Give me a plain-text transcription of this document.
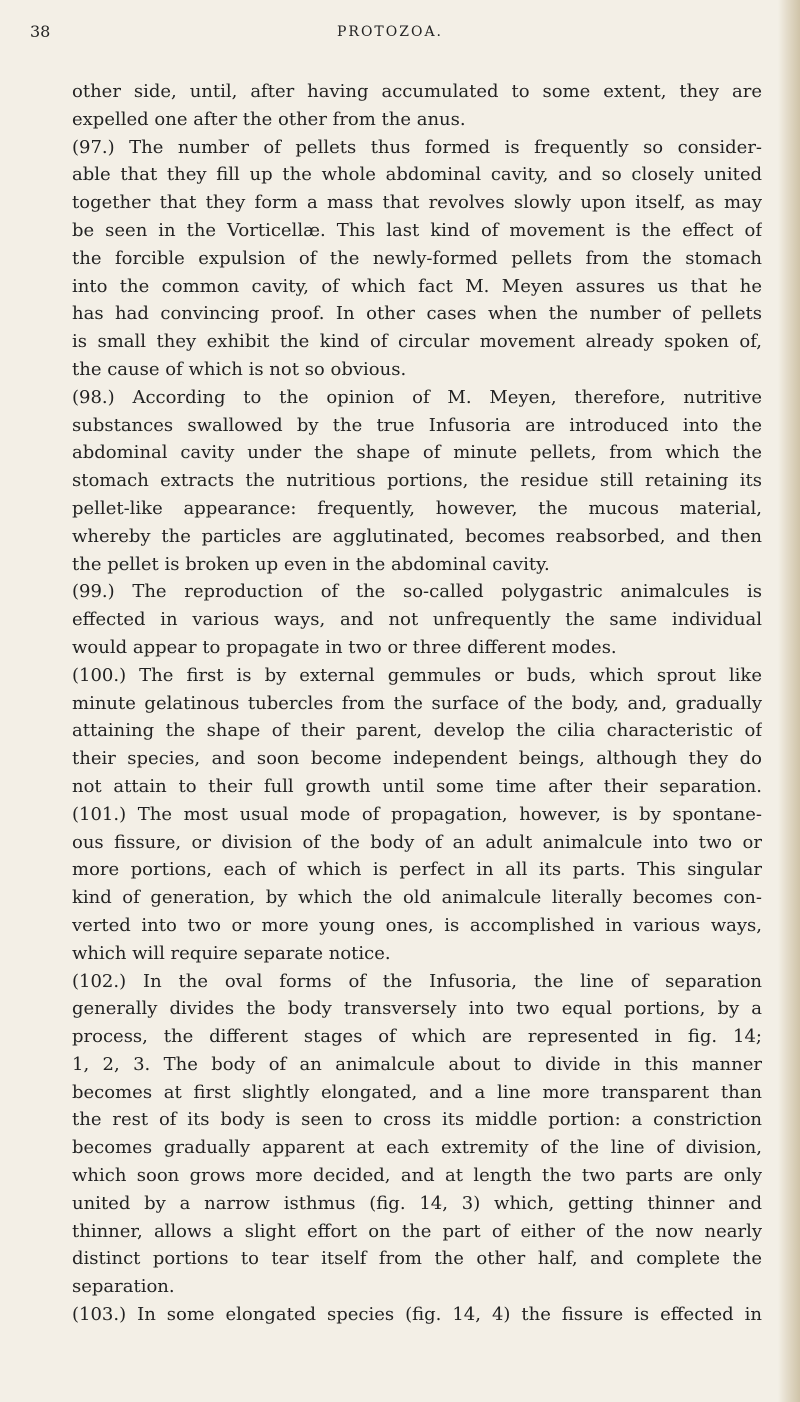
38	PROTOZOA.
other side, until, after having accumulated to some extent, they are
expelled one after the other from the anus.
(97.) The number of pellets thus formed is frequently so consider-
able that they fill up the whole abdominal cavity, and so closely united
together that they form a mass that revolves slowly upon itself, as may
be seen in the Vorticellæ. This last kind of movement is the effect of
the forcible expulsion of the newly-formed pellets from the stomach
into the common cavity, of which fact M. Meyen assures us that he
has had convincing proof. In other cases when the number of pellets
is small they exhibit the kind of circular movement already spoken of,
the cause of which is not so obvious.
(98.) According to the opinion of M. Meyen, therefore, nutritive
substances swallowed by the true Infusoria are introduced into the
abdominal cavity under the shape of minute pellets, from which the
stomach extracts the nutritious portions, the residue still retaining its
pellet-like appearance: frequently, however, the mucous material,
whereby the particles are agglutinated, becomes reabsorbed, and then
the pellet is broken up even in the abdominal cavity.
(99.) The reproduction of the so-called polygastric animalcules is
effected in various ways, and not unfrequently the same individual
would appear to propagate in two or three different modes.
(100.) The first is by external gemmules or buds, which sprout like
minute gelatinous tubercles from the surface of the body, and, gradually
attaining the shape of their parent, develop the cilia characteristic of
their species, and soon become independent beings, although they do
not attain to their full growth until some time after their separation.
(101.) The most usual mode of propagation, however, is by spontane-
ous fissure, or division of the body of an adult animalcule into two or
more portions, each of which is perfect in all its parts. This singular
kind of generation, by which the old animalcule literally becomes con-
verted into two or more young ones, is accomplished in various ways,
which will require separate notice.
(102.) In the oval forms of the Infusoria, the line of separation
generally divides the body transversely into two equal portions, by a
process, the different stages of which are represented in fig. 14;
1, 2, 3. The body of an animalcule about to divide in this manner
becomes at first slightly elongated, and a line more transparent than
the rest of its body is seen to cross its middle portion: a constriction
becomes gradually apparent at each extremity of the line of division,
which soon grows more decided, and at length the two parts are only
united by a narrow isthmus (fig. 14, 3) which, getting thinner and
thinner, allows a slight effort on the part of either of the now nearly
distinct portions to tear itself from the other half, and complete the
separation.
(103.) In some elongated species (fig. 14, 4) the fissure is effected in
